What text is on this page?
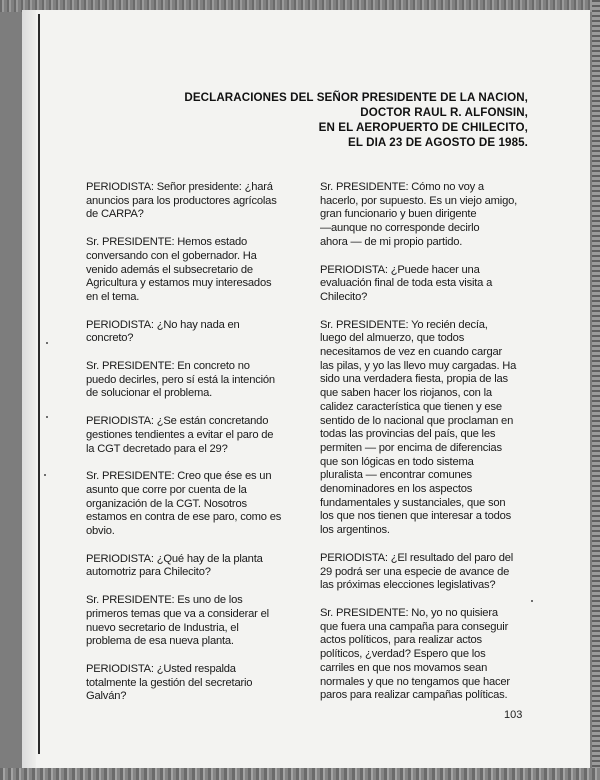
DECLARACIONES DEL SEÑOR PRESIDENTE DE LA NACION,
DOCTOR RAUL R. ALFONSIN,
EN EL AEROPUERTO DE CHILECITO,
EL DIA 23 DE AGOSTO DE 1985.

PERIODISTA: Señor presidente: ¿hará
anuncios para los productores agrícolas
de CARPA?

Sr. PRESIDENTE: Hemos estado
conversando con el gobernador. Ha
venido además el subsecretario de
Agricultura y estamos muy interesados
en el tema.

PERIODISTA: ¿No hay nada en
concreto?

Sr. PRESIDENTE: En concreto no
puedo decirles, pero sí está la intención
de solucionar el problema.

PERIODISTA: ¿Se están concretando
gestiones tendientes a evitar el paro de
la CGT decretado para el 29?

Sr. PRESIDENTE: Creo que ése es un
asunto que corre por cuenta de la
organización de la CGT. Nosotros
estamos en contra de ese paro, como es
obvio.

PERIODISTA: ¿Qué hay de la planta
automotriz para Chilecito?

Sr. PRESIDENTE: Es uno de los
primeros temas que va a considerar el
nuevo secretario de Industria, el
problema de esa nueva planta.

PERIODISTA: ¿Usted respalda
totalmente la gestión del secretario
Galván?

Sr. PRESIDENTE: Cómo no voy a
hacerlo, por supuesto. Es un viejo amigo,
gran funcionario y buen dirigente
—aunque no corresponde decirlo
ahora — de mi propio partido.

PERIODISTA: ¿Puede hacer una
evaluación final de toda esta visita a
Chilecito?

Sr. PRESIDENTE: Yo recién decía,
luego del almuerzo, que todos
necesitamos de vez en cuando cargar
las pilas, y yo las llevo muy cargadas. Ha
sido una verdadera fiesta, propia de las
que saben hacer los riojanos, con la
calidez característica que tienen y ese
sentido de lo nacional que proclaman en
todas las provincias del país, que les
permiten — por encima de diferencias
que son lógicas en todo sistema
pluralista — encontrar comunes
denominadores en los aspectos
fundamentales y sustanciales, que son
los que nos tienen que interesar a todos
los argentinos.

PERIODISTA: ¿El resultado del paro del
29 podrá ser una especie de avance de
las próximas elecciones legislativas?

Sr. PRESIDENTE: No, yo no quisiera
que fuera una campaña para conseguir
actos políticos, para realizar actos
políticos, ¿verdad? Espero que los
carriles en que nos movamos sean
normales y que no tengamos que hacer
paros para realizar campañas políticas.

103
